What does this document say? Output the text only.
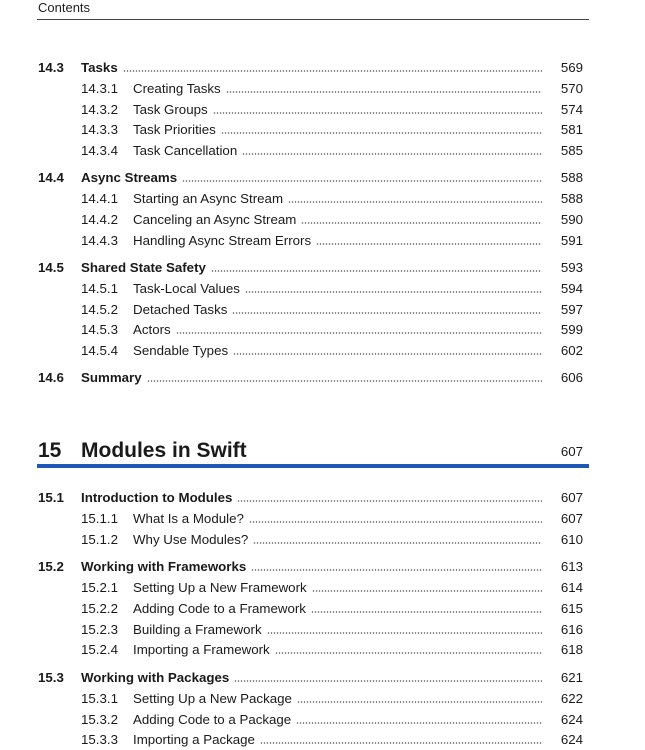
Contents
14.3 Tasks	569
14.3.1 Creating Tasks	570
14.3.2 Task Groups	574
14.3.3 Task Priorities	581
14.3.4 Task Cancellation	585
14.4 Async Streams	588
14.4.1 Starting an Async Stream	588
14.4.2 Canceling an Async Stream	590
14.4.3 Handling Async Stream Errors	591
14.5 Shared State Safety	593
14.5.1 Task-Local Values	594
14.5.2 Detached Tasks	597
14.5.3 Actors	599
14.5.4 Sendable Types	602
14.6 Summary	606
15 Modules in Swift	607
15.1 Introduction to Modules	607
15.1.1 What Is a Module?	607
15.1.2 Why Use Modules?	610
15.2 Working with Frameworks	613
15.2.1 Setting Up a New Framework	614
15.2.2 Adding Code to a Framework	615
15.2.3 Building a Framework	616
15.2.4 Importing a Framework	618
15.3 Working with Packages	621
15.3.1 Setting Up a New Package	622
15.3.2 Adding Code to a Package	624
15.3.3 Importing a Package	624
